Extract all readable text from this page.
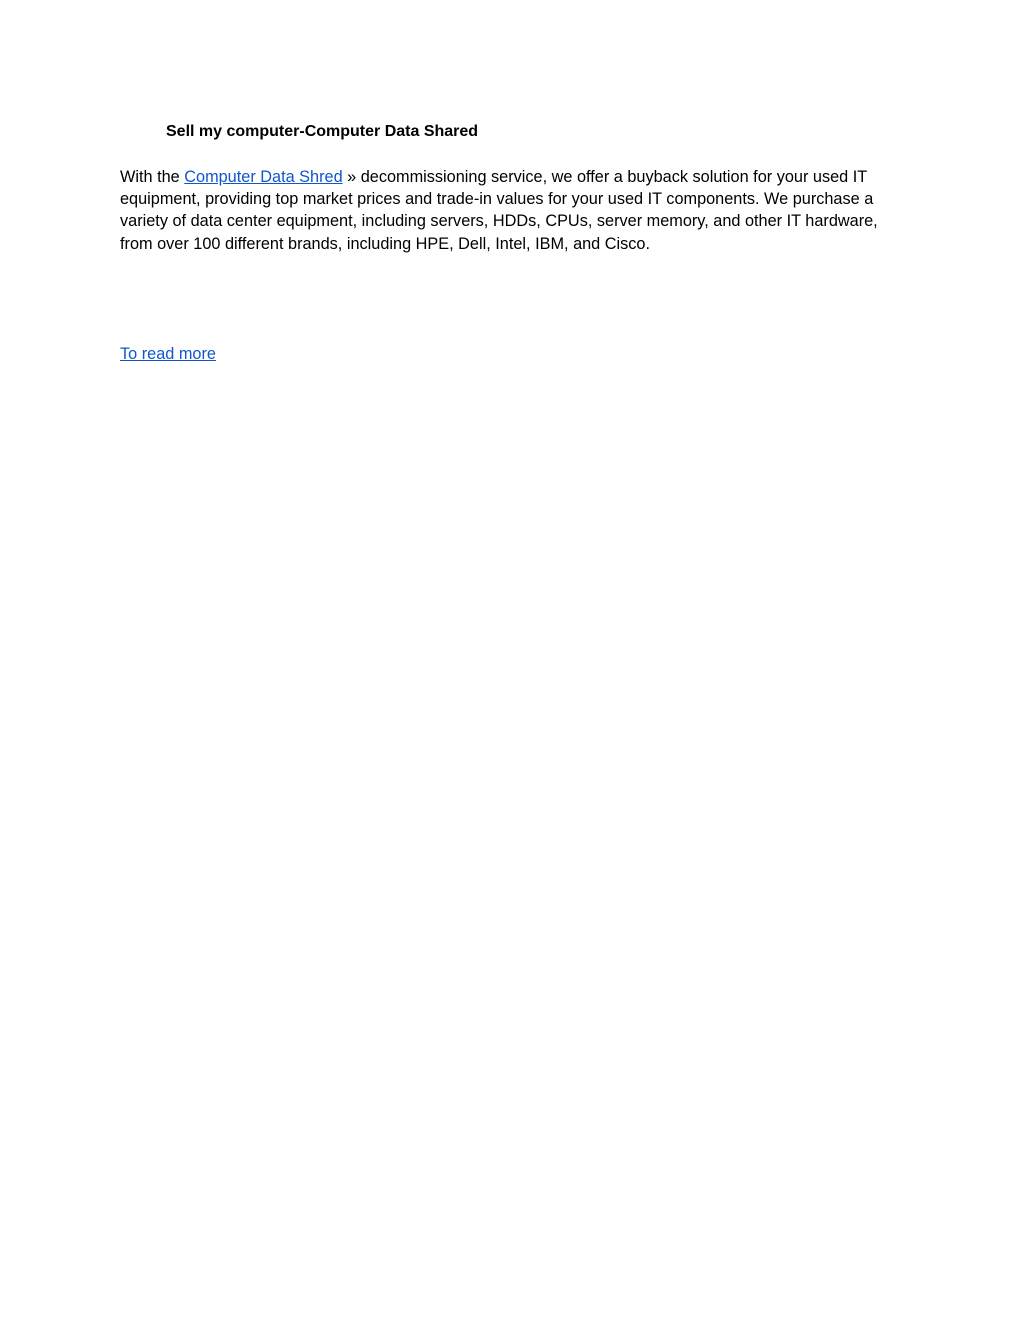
Sell my computer-Computer Data Shared

With the Computer Data Shred » decommissioning service, we offer a buyback solution for your used IT
equipment, providing top market prices and trade-in values for your used IT components. We purchase a
variety of data center equipment, including servers, HDDs, CPUs, server memory, and other IT hardware,
from over 100 different brands, including HPE, Dell, Intel, IBM, and Cisco.

To read more
